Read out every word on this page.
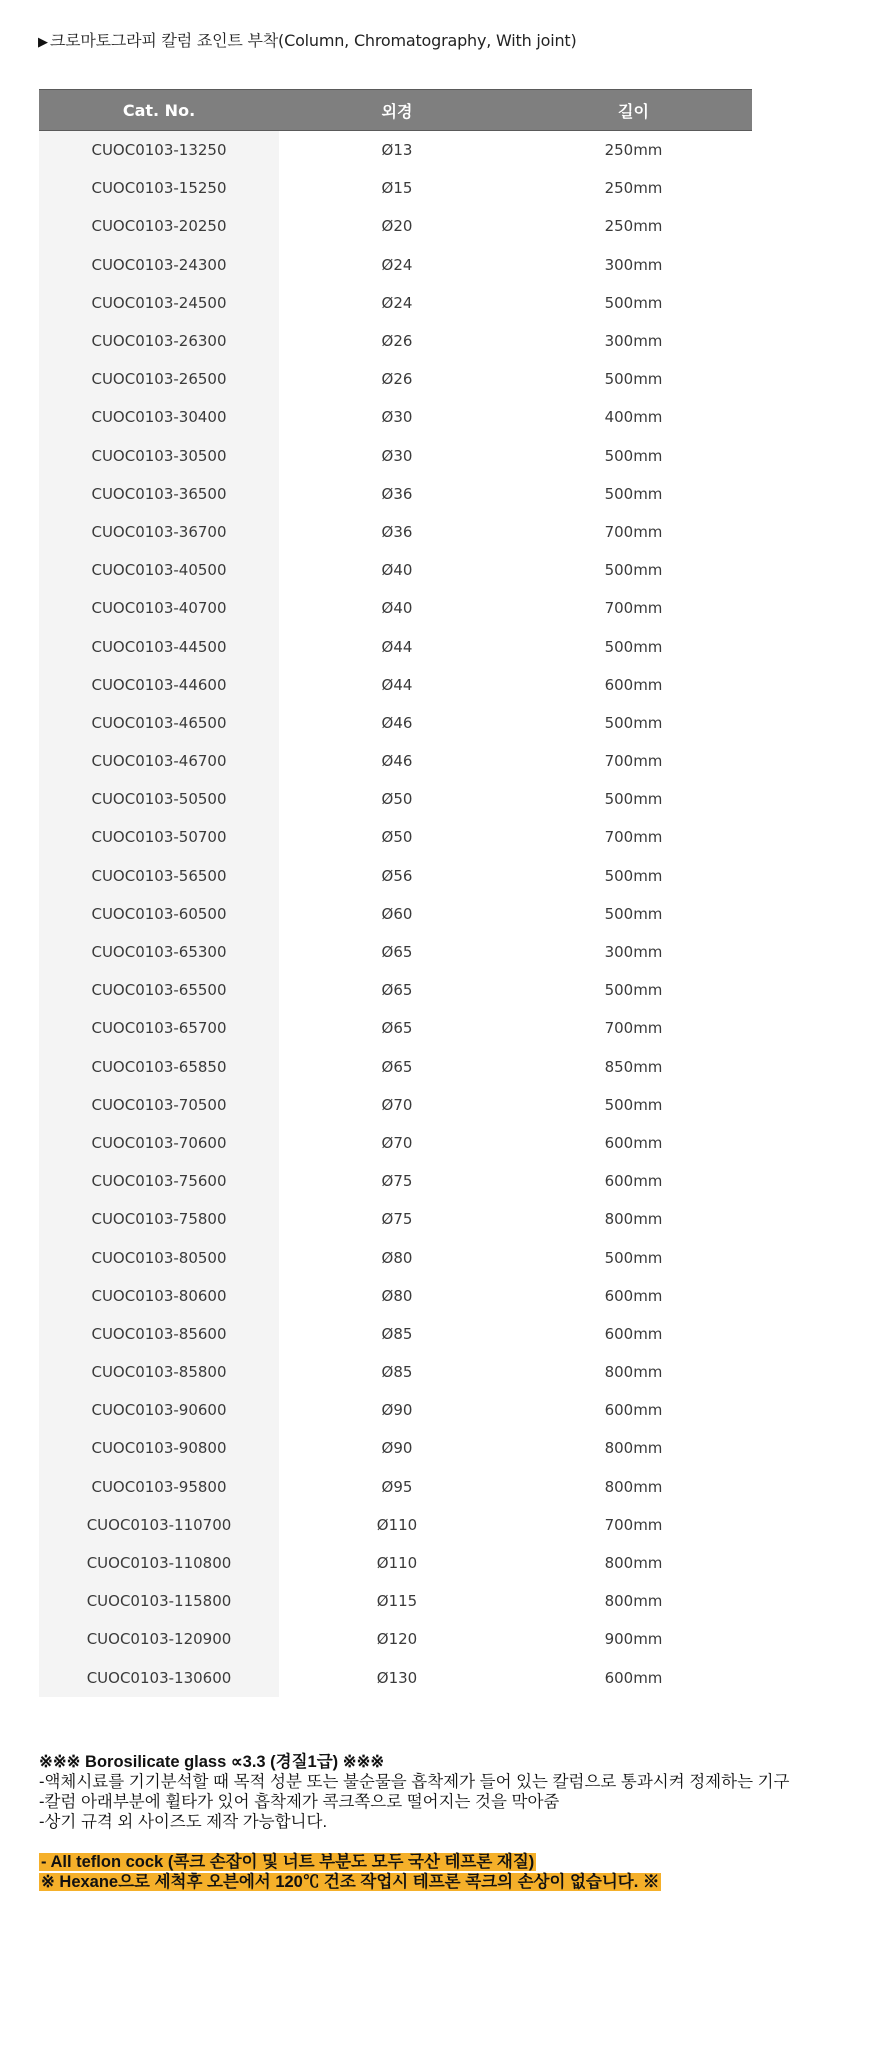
▶ 크로마토그라피 칼럼 죠인트 부착(Column, Chromatography, With joint)
Cat. No.	외경	길이
CUOC0103-13250	Ø13	250mm
CUOC0103-15250	Ø15	250mm
CUOC0103-20250	Ø20	250mm
CUOC0103-24300	Ø24	300mm
CUOC0103-24500	Ø24	500mm
CUOC0103-26300	Ø26	300mm
CUOC0103-26500	Ø26	500mm
CUOC0103-30400	Ø30	400mm
CUOC0103-30500	Ø30	500mm
CUOC0103-36500	Ø36	500mm
CUOC0103-36700	Ø36	700mm
CUOC0103-40500	Ø40	500mm
CUOC0103-40700	Ø40	700mm
CUOC0103-44500	Ø44	500mm
CUOC0103-44600	Ø44	600mm
CUOC0103-46500	Ø46	500mm
CUOC0103-46700	Ø46	700mm
CUOC0103-50500	Ø50	500mm
CUOC0103-50700	Ø50	700mm
CUOC0103-56500	Ø56	500mm
CUOC0103-60500	Ø60	500mm
CUOC0103-65300	Ø65	300mm
CUOC0103-65500	Ø65	500mm
CUOC0103-65700	Ø65	700mm
CUOC0103-65850	Ø65	850mm
CUOC0103-70500	Ø70	500mm
CUOC0103-70600	Ø70	600mm
CUOC0103-75600	Ø75	600mm
CUOC0103-75800	Ø75	800mm
CUOC0103-80500	Ø80	500mm
CUOC0103-80600	Ø80	600mm
CUOC0103-85600	Ø85	600mm
CUOC0103-85800	Ø85	800mm
CUOC0103-90600	Ø90	600mm
CUOC0103-90800	Ø90	800mm
CUOC0103-95800	Ø95	800mm
CUOC0103-110700	Ø110	700mm
CUOC0103-110800	Ø110	800mm
CUOC0103-115800	Ø115	800mm
CUOC0103-120900	Ø120	900mm
CUOC0103-130600	Ø130	600mm
※※※ Borosilicate glass ∝3.3 (경질1급) ※※※
-액체시료를 기기분석할 때 목적 성분 또는 불순물을 흡착제가 들어 있는 칼럼으로 통과시켜 정제하는 기구
-칼럼 아래부분에 휠타가 있어 흡착제가 콕크쪽으로 떨어지는 것을 막아줌
-상기 규격 외 사이즈도 제작 가능합니다.
- All teflon cock (콕크 손잡이 및 너트 부분도 모두 국산 테프론 재질)
※ Hexane으로 세척후 오븐에서 120℃ 건조 작업시 테프론 콕크의 손상이 없습니다. ※
